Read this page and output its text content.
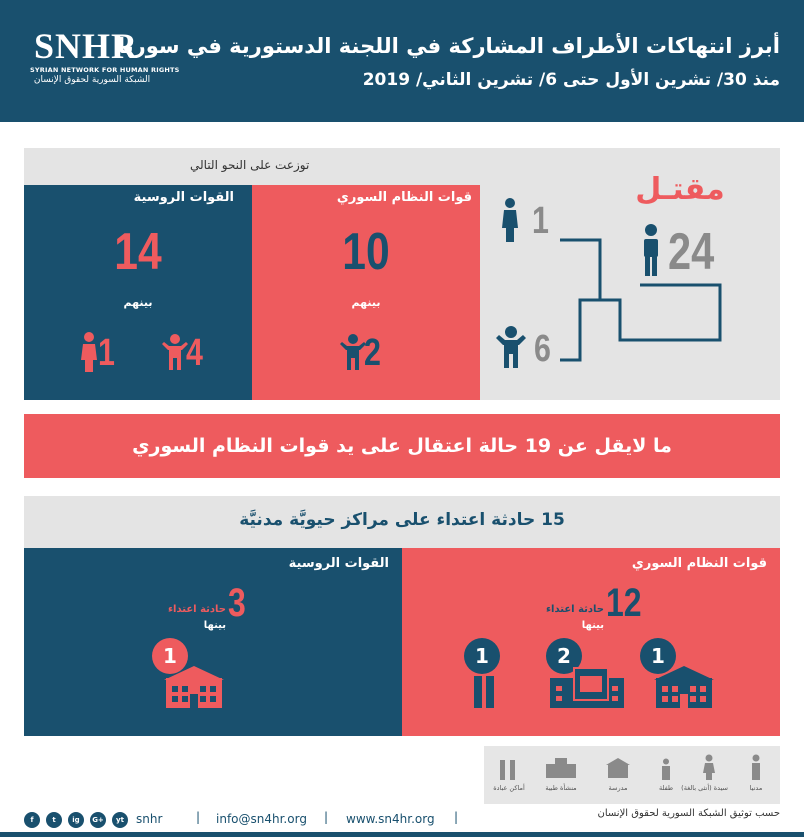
SNHR
SYRIAN NETWORK FOR HUMAN RIGHTS
الشبكة السورية لحقوق الإنسان
أبرز انتهاكات الأطراف المشاركة في اللجنة الدستورية في سوريا
منذ 30/ تشرين الأول حتى 6/ تشرين الثاني/ 2019
توزعت على النحو التالي
القوات الروسية
14
بينهم
1 4
قوات النظام السوري
10
بينهم
2
مقتـل
24
1
6
ما لايقل عن 19 حالة اعتقال على يد قوات النظام السوري
15 حادثة اعتداء على مراكز حيويَّة مدنيَّة
القوات الروسية
3
حادثة اعتداء
بينها
1
قوات النظام السوري
12
حادثة اعتداء
بينها
1	2	1
مدنيا
سيدة (أنثى بالغة)
طفلة
مدرسة
منشأة طبية
أماكن عبادة
f	t	ig	G+	yt	snhr	| info@sn4hr.org | www.sn4hr.org |	حسب توثيق الشبكة السورية لحقوق الإنسان
